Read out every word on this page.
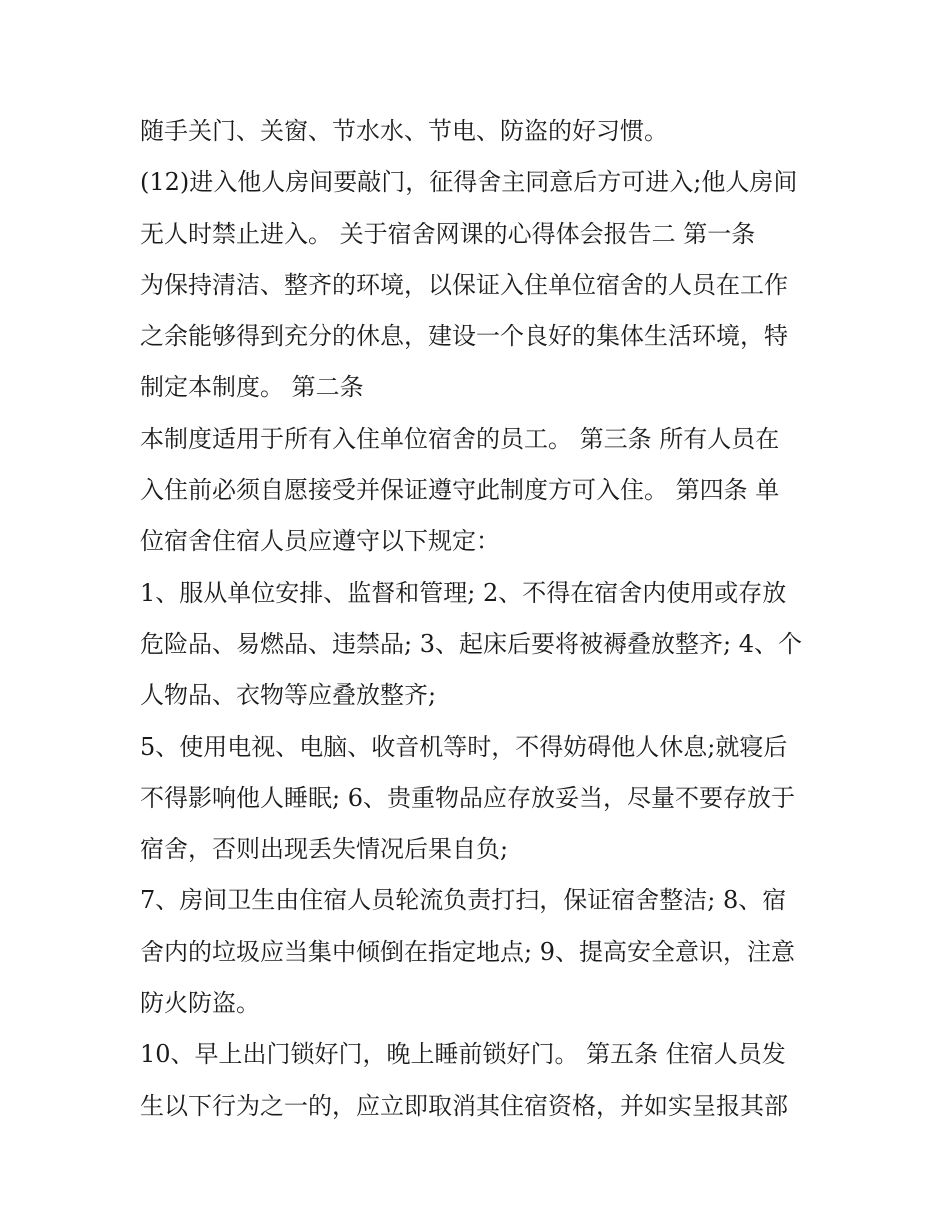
随手关门、关窗、节水水、节电、防盗的好习惯。
(12)进入他人房间要敲门，征得舍主同意后方可进入;他人房间
无人时禁止进入。 关于宿舍网课的心得体会报告二 第一条
为保持清洁、整齐的环境，以保证入住单位宿舍的人员在工作
之余能够得到充分的休息，建设一个良好的集体生活环境，特
制定本制度。 第二条
本制度适用于所有入住单位宿舍的员工。 第三条 所有人员在
入住前必须自愿接受并保证遵守此制度方可入住。 第四条 单
位宿舍住宿人员应遵守以下规定：
1、服从单位安排、监督和管理; 2、不得在宿舍内使用或存放
危险品、易燃品、违禁品; 3、起床后要将被褥叠放整齐; 4、个
人物品、衣物等应叠放整齐;
5、使用电视、电脑、收音机等时，不得妨碍他人休息;就寝后
不得影响他人睡眠; 6、贵重物品应存放妥当，尽量不要存放于
宿舍，否则出现丢失情况后果自负;
7、房间卫生由住宿人员轮流负责打扫，保证宿舍整洁; 8、宿
舍内的垃圾应当集中倾倒在指定地点; 9、提高安全意识，注意
防火防盗。
10、早上出门锁好门，晚上睡前锁好门。 第五条 住宿人员发
生以下行为之一的，应立即取消其住宿资格，并如实呈报其部
